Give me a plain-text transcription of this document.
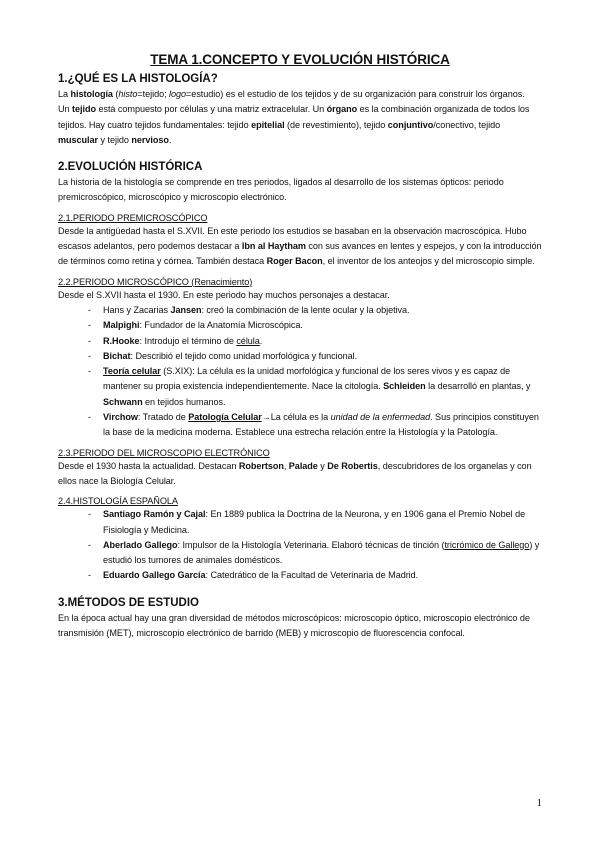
TEMA 1.CONCEPTO Y EVOLUCIÓN HISTÓRICA
1.¿QUÉ ES LA HISTOLOGÍA?

La histología (histo=tejido; logo=estudio) es el estudio de los tejidos y de su organización para construir los órganos.

Un tejido está compuesto por células y una matriz extracelular. Un órgano es la combinación organizada de todos los tejidos. Hay cuatro tejidos fundamentales: tejido epitelial (de revestimiento), tejido conjuntivo/conectivo, tejido muscular y tejido nervioso.

2.EVOLUCIÓN HISTÓRICA

La historia de la histología se comprende en tres periodos, ligados al desarrollo de los sistemas ópticos: periodo premicroscópico, microscópico y microscopio electrónico.

2.1.PERIODO PREMICROSCÓPICO

Desde la antigüedad hasta el S.XVII. En este periodo los estudios se basaban en la observación macroscópica. Hubo escasos adelantos, pero podemos destacar a Ibn al Haytham con sus avances en lentes y espejos, y con la introducción de términos como retina y córnea. También destaca Roger Bacon, el inventor de los anteojos y del microscopio simple.

2.2.PERIODO MICROSCÓPICO (Renacimiento)

Desde el S.XVII hasta el 1930. En este periodo hay muchos personajes a destacar.

- Hans y Zacarias Jansen: creó la combinación de la lente ocular y la objetiva.
- Malpighi: Fundador de la Anatomía Microscópica.
- R.Hooke: Introdujo el término de célula.
- Bichat: Describió el tejido como unidad morfológica y funcional.
- Teoría celular (S.XIX): La célula es la unidad morfológica y funcional de los seres vivos y es capaz de mantener su propia existencia independientemente. Nace la citología. Schleiden la desarrolló en plantas, y Schwann en tejidos humanos.
- Virchow: Tratado de Patología Celular→La célula es la unidad de la enfermedad. Sus principios constituyen la base de la medicina moderna. Establece una estrecha relación entre la Histología y la Patología.
2.3.PERIODO DEL MICROSCOPIO ELECTRÓNICO

Desde el 1930 hasta la actualidad. Destacan Robertson, Palade y De Robertis, descubridores de los organelas y con ellos nace la Biología Celular.

2.4.HISTOLOGÍA ESPAÑOLA
- Santiago Ramón y Cajal: En 1889 publica la Doctrina de la Neurona, y en 1906 gana el Premio Nobel de Fisiología y Medicina.
- Aberlado Gallego: Impulsor de la Histología Veterinaria. Elaboró técnicas de tinción (tricrómico de Gallego) y estudió los tumores de animales domésticos.
- Eduardo Gallego García: Catedrático de la Facultad de Veterinaria de Madrid.
3.MÉTODOS DE ESTUDIO

En la época actual hay una gran diversidad de métodos microscópicos: microscopio óptico, microscopio electrónico de transmisión (MET), microscopio electrónico de barrido (MEB) y microscopio de fluorescencia confocal.

1
